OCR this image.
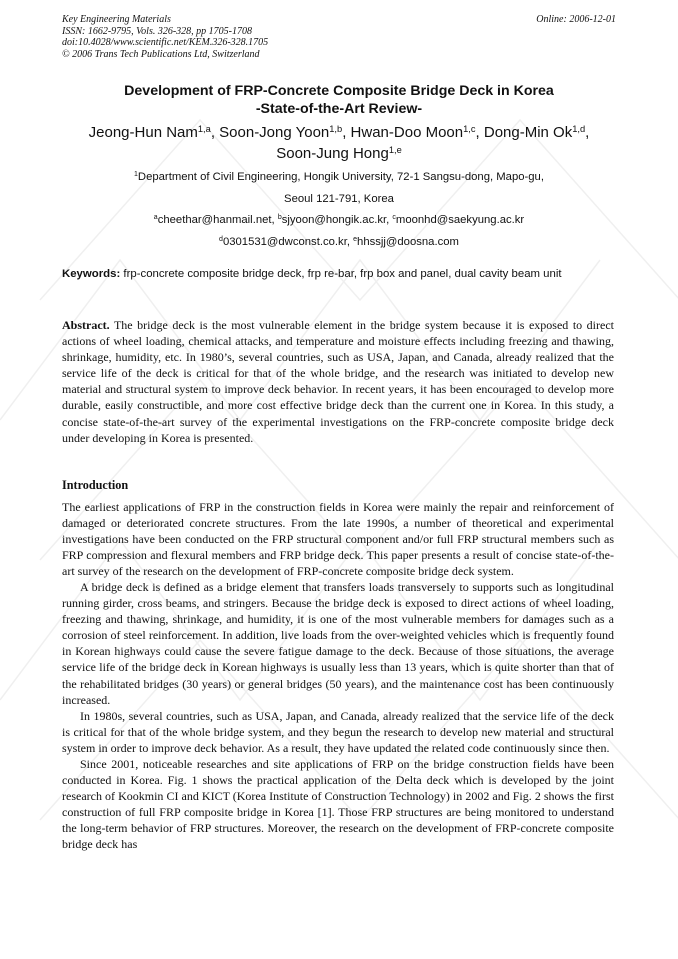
Key Engineering Materials
ISSN: 1662-9795, Vols. 326-328, pp 1705-1708
doi:10.4028/www.scientific.net/KEM.326-328.1705
© 2006 Trans Tech Publications Ltd, Switzerland
Online: 2006-12-01
Development of FRP-Concrete Composite Bridge Deck in Korea
-State-of-the-Art Review-
Jeong-Hun Nam$^{1,a}$, Soon-Jong Yoon$^{1,b}$, Hwan-Doo Moon$^{1,c}$, Dong-Min Ok$^{1,d}$,
Soon-Jung Hong$^{1,e}$
$^1$Department of Civil Engineering, Hongik University, 72-1 Sangsu-dong, Mapo-gu,
Seoul 121-791, Korea
$^a$cheethar@hanmail.net, $^b$sjyoon@hongik.ac.kr, $^c$moonhd@saekyung.ac.kr
$^d$0301531@dwconst.co.kr, $^e$hhssjj@doosna.com
Keywords: frp-concrete composite bridge deck, frp re-bar, frp box and panel, dual cavity beam unit
Abstract. The bridge deck is the most vulnerable element in the bridge system because it is exposed to direct actions of wheel loading, chemical attacks, and temperature and moisture effects including freezing and thawing, shrinkage, humidity, etc. In 1980’s, several countries, such as USA, Japan, and Canada, already realized that the service life of the deck is critical for that of the whole bridge, and the research was initiated to develop new material and structural system to improve deck behavior. In recent years, it has been encouraged to develop more durable, easily constructible, and more cost effective bridge deck than the current one in Korea. In this study, a concise state-of-the-art survey of the experimental investigations on the FRP-concrete composite bridge deck under developing in Korea is presented.
Introduction

The earliest applications of FRP in the construction fields in Korea were mainly the repair and reinforcement of damaged or deteriorated concrete structures. From the late 1990s, a number of theoretical and experimental investigations have been conducted on the FRP structural component and/or full FRP structural members such as FRP compression and flexural members and FRP bridge deck. This paper presents a result of concise state-of-the-art survey of the research on the development of FRP-concrete composite bridge deck system.

A bridge deck is defined as a bridge element that transfers loads transversely to supports such as longitudinal running girder, cross beams, and stringers. Because the bridge deck is exposed to direct actions of wheel loading, freezing and thawing, shrinkage, and humidity, it is one of the most vulnerable members for damages such as a corrosion of steel reinforcement. In addition, live loads from the over-weighted vehicles which is frequently found in Korean highways could cause the severe fatigue damage to the deck. Because of those situations, the average service life of the bridge deck in Korean highways is usually less than 13 years, which is quite shorter than that of the rehabilitated bridges (30 years) or general bridges (50 years), and the maintenance cost has been continuously increased.

In 1980s, several countries, such as USA, Japan, and Canada, already realized that the service life of the deck is critical for that of the whole bridge system, and they begun the research to develop new material and structural system in order to improve deck behavior. As a result, they have updated the related code continuously since then.

Since 2001, noticeable researches and site applications of FRP on the bridge construction fields have been conducted in Korea. Fig. 1 shows the practical application of the Delta deck which is developed by the joint research of Kookmin CI and KICT (Korea Institute of Construction Technology) in 2002 and Fig. 2 shows the first construction of full FRP composite bridge in Korea [1]. Those FRP structures are being monitored to understand the long-term behavior of FRP structures. Moreover, the research on the development of FRP-concrete composite bridge deck has
